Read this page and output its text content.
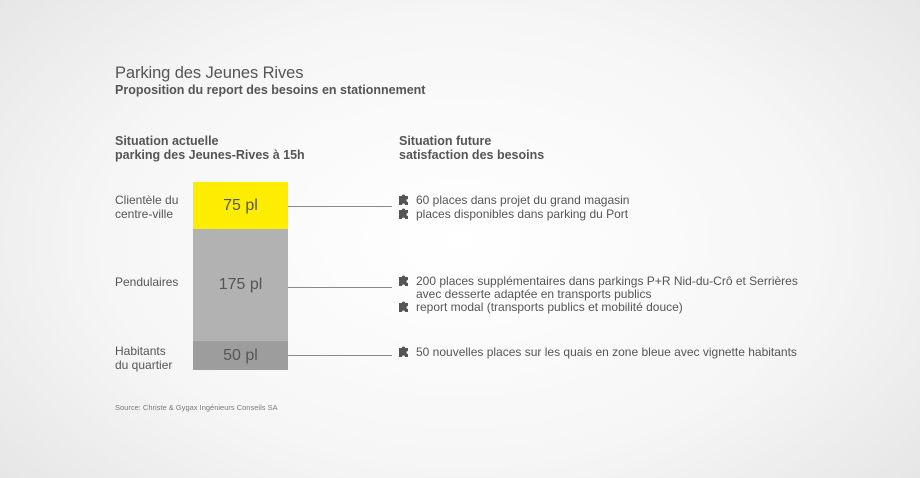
Parking des Jeunes Rives
Proposition du report des besoins en stationnement
Situation actuelle
parking des Jeunes-Rives à 15h
Situation future
satisfaction des besoins
Clientèle du
centre-ville
Pendulaires
Habitants
du quartier
75 pl
175 pl
50 pl
60 places dans projet du grand magasin
places disponibles dans parking du Port
200 places supplémentaires dans parkings P+R Nid-du-Crô et Serrières
avec desserte adaptée en transports publics
report modal (transports publics et mobilité douce)
50 nouvelles places sur les quais en zone bleue avec vignette habitants
Source: Christe & Gygax Ingénieurs Conseils SA
